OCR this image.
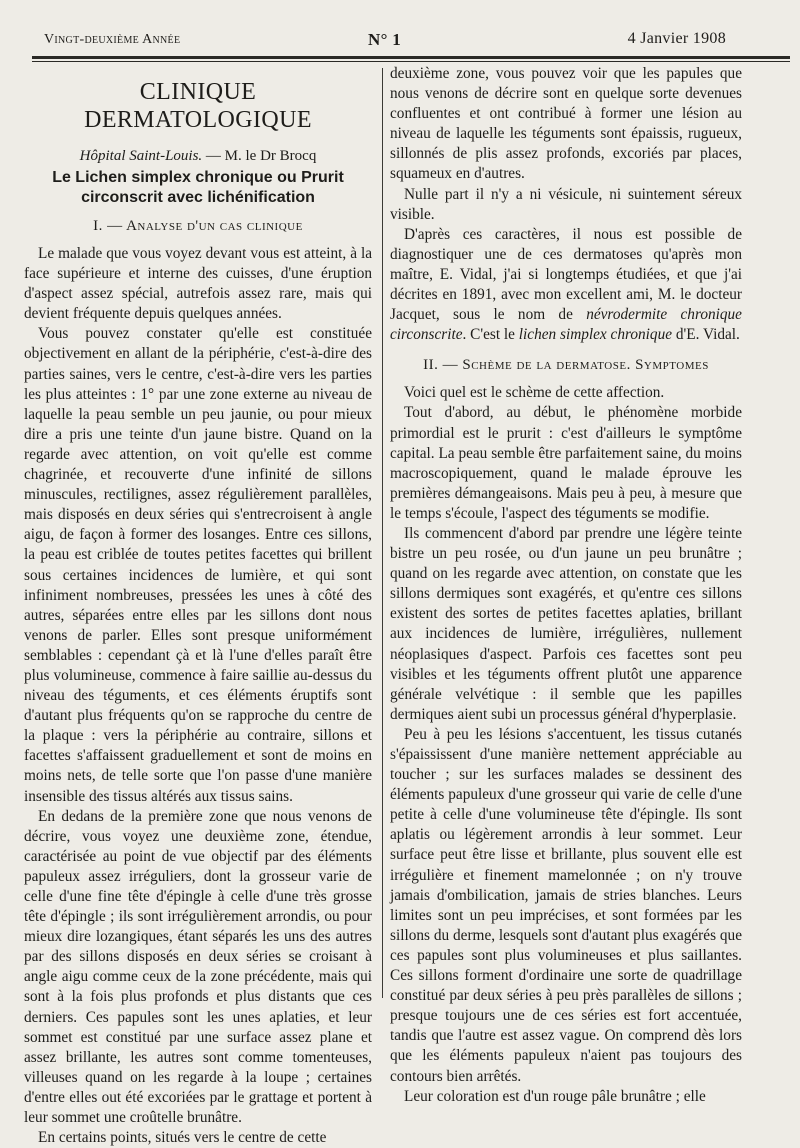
Vingt-deuxième Année	N° 1	4 Janvier 1908
CLINIQUE DERMATOLOGIQUE
Hôpital Saint-Louis. — M. le Dr Brocq
Le Lichen simplex chronique ou Prurit circonscrit avec lichénification
I. — Analyse d'un cas clinique

Le malade que vous voyez devant vous est atteint, à la face supérieure et interne des cuisses, d'une éruption d'aspect assez spécial, autrefois assez rare, mais qui devient fréquente depuis quelques années.

Vous pouvez constater qu'elle est constituée objectivement en allant de la périphérie, c'est-à-dire des parties saines, vers le centre, c'est-à-dire vers les parties les plus atteintes : 1° par une zone externe au niveau de laquelle la peau semble un peu jaunie, ou pour mieux dire a pris une teinte d'un jaune bistre. Quand on la regarde avec attention, on voit qu'elle est comme chagrinée, et recouverte d'une infinité de sillons minuscules, rectilignes, assez régulièrement parallèles, mais disposés en deux séries qui s'entrecroisent à angle aigu, de façon à former des losanges. Entre ces sillons, la peau est criblée de toutes petites facettes qui brillent sous certaines incidences de lumière, et qui sont infiniment nombreuses, pressées les unes à côté des autres, séparées entre elles par les sillons dont nous venons de parler. Elles sont presque uniformément semblables : cependant çà et là l'une d'elles paraît être plus volumineuse, commence à faire saillie au-dessus du niveau des téguments, et ces éléments éruptifs sont d'autant plus fréquents qu'on se rapproche du centre de la plaque : vers la périphérie au contraire, sillons et facettes s'affaissent graduellement et sont de moins en moins nets, de telle sorte que l'on passe d'une manière insensible des tissus altérés aux tissus sains.

En dedans de la première zone que nous venons de décrire, vous voyez une deuxième zone, étendue, caractérisée au point de vue objectif par des éléments papuleux assez irréguliers, dont la grosseur varie de celle d'une fine tête d'épingle à celle d'une très grosse tête d'épingle ; ils sont irrégulièrement arrondis, ou pour mieux dire lozangiques, étant séparés les uns des autres par des sillons disposés en deux séries se croisant à angle aigu comme ceux de la zone précédente, mais qui sont à la fois plus profonds et plus distants que ces derniers. Ces papules sont les unes aplaties, et leur sommet est constitué par une surface assez plane et assez brillante, les autres sont comme tomenteuses, villeuses quand on les regarde à la loupe ; certaines d'entre elles out été excoriées par le grattage et portent à leur sommet une croûtelle brunâtre.

En certains points, situés vers le centre de cette

deuxième zone, vous pouvez voir que les papules que nous venons de décrire sont en quelque sorte devenues confluentes et ont contribué à former une lésion au niveau de laquelle les téguments sont épaissis, rugueux, sillonnés de plis assez profonds, excoriés par places, squameux en d'autres.

Nulle part il n'y a ni vésicule, ni suintement séreux visible.

D'après ces caractères, il nous est possible de diagnostiquer une de ces dermatoses qu'après mon maître, E. Vidal, j'ai si longtemps étudiées, et que j'ai décrites en 1891, avec mon excellent ami, M. le docteur Jacquet, sous le nom de névrodermite chronique circonscrite. C'est le lichen simplex chronique d'E. Vidal.

II. — Schème de la dermatose. Symptomes

Voici quel est le schème de cette affection.

Tout d'abord, au début, le phénomène morbide primordial est le prurit : c'est d'ailleurs le symptôme capital. La peau semble être parfaitement saine, du moins macroscopiquement, quand le malade éprouve les premières démangeaisons. Mais peu à peu, à mesure que le temps s'écoule, l'aspect des téguments se modifie.

Ils commencent d'abord par prendre une légère teinte bistre un peu rosée, ou d'un jaune un peu brunâtre ; quand on les regarde avec attention, on constate que les sillons dermiques sont exagérés, et qu'entre ces sillons existent des sortes de petites facettes aplaties, brillant aux incidences de lumière, irrégulières, nullement néoplasiques d'aspect. Parfois ces facettes sont peu visibles et les téguments offrent plutôt une apparence générale velvétique : il semble que les papilles dermiques aient subi un processus général d'hyperplasie.

Peu à peu les lésions s'accentuent, les tissus cutanés s'épaississent d'une manière nettement appréciable au toucher ; sur les surfaces malades se dessinent des éléments papuleux d'une grosseur qui varie de celle d'une petite à celle d'une volumineuse tête d'épingle. Ils sont aplatis ou légèrement arrondis à leur sommet. Leur surface peut être lisse et brillante, plus souvent elle est irrégulière et finement mamelonnée ; on n'y trouve jamais d'ombilication, jamais de stries blanches. Leurs limites sont un peu imprécises, et sont formées par les sillons du derme, lesquels sont d'autant plus exagérés que ces papules sont plus volumineuses et plus saillantes. Ces sillons forment d'ordinaire une sorte de quadrillage constitué par deux séries à peu près parallèles de sillons ; presque toujours une de ces séries est fort accentuée, tandis que l'autre est assez vague. On comprend dès lors que les éléments papuleux n'aient pas toujours des contours bien arrêtés.

Leur coloration est d'un rouge pâle brunâtre ; elle
